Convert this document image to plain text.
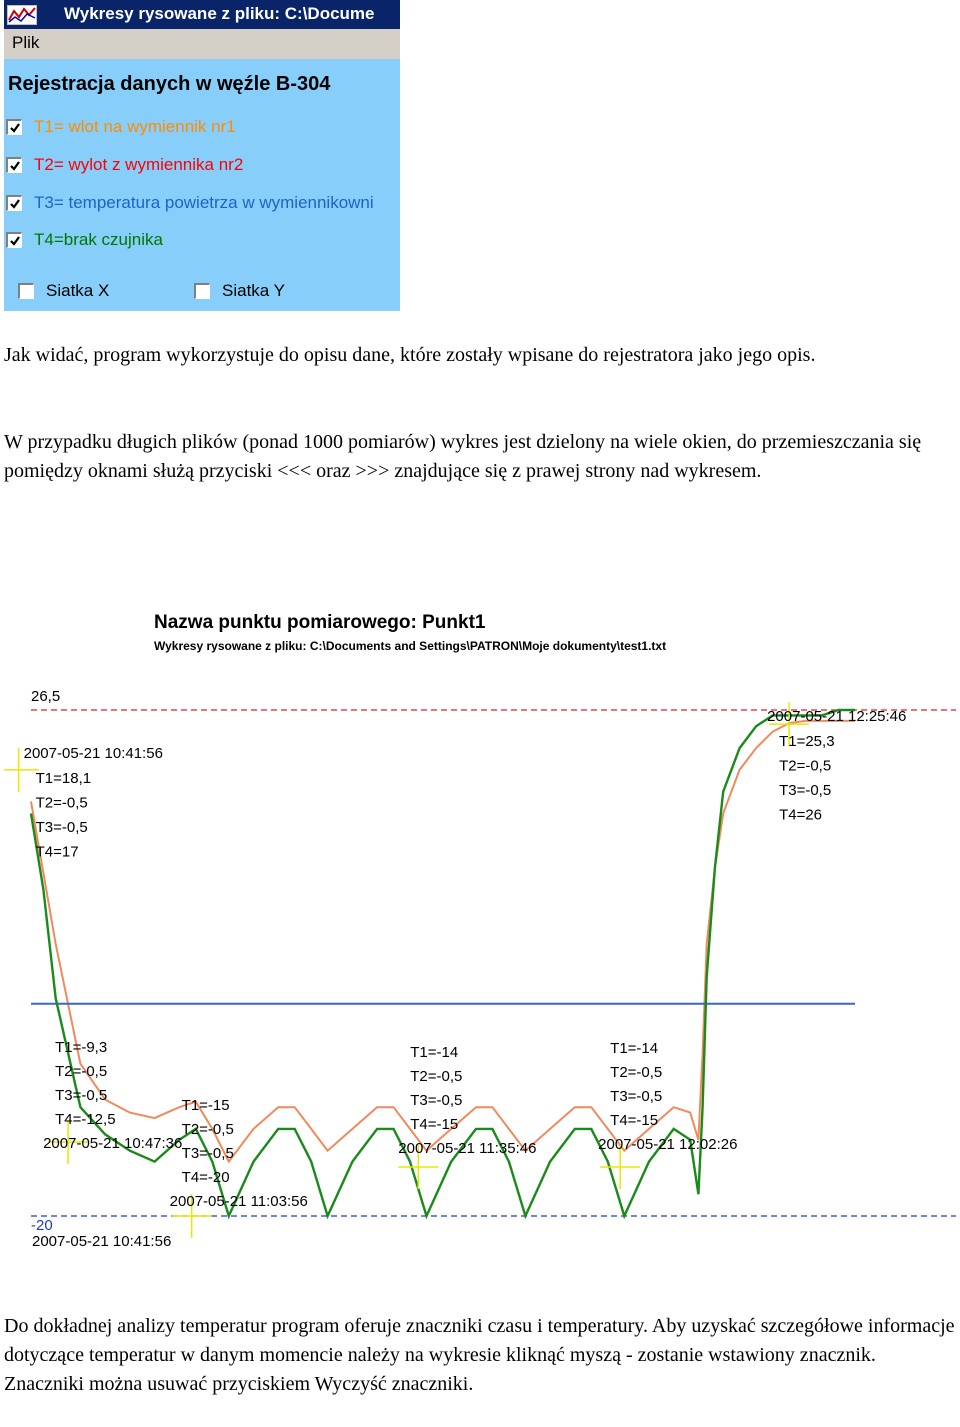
Wykresy rysowane z pliku: C:\Docume
Plik
Rejestracja danych w węźle B-304
T1= wlot na wymiennik nr1
T2= wylot z wymiennika nr2
T3= temperatura powietrza w wymiennikowni
T4=brak czujnika
Siatka X	Siatka Y

Jak widać, program wykorzystuje do opisu dane, które zostały wpisane do rejestratora jako jego opis.

W przypadku długich plików (ponad 1000 pomiarów) wykres jest dzielony na wiele okien, do przemieszczania się pomiędzy oknami służą przyciski <<< oraz >>> znajdujące się z prawej strony nad wykresem.

Nazwa punktu pomiarowego: Punkt1
Wykresy rysowane z pliku: C:\Documents and Settings\PATRON\Moje dokumenty\test1.txt
26,5
-20
2007-05-21 10:41:56
2007-05-21 10:41:56
T1=18,1
T2=-0,5
T3=-0,5
T4=17
2007-05-21 10:47:36
T1=-9,3
T2=-0,5
T3=-0,5
T4=-12,5
2007-05-21 11:03:56
T1=-15
T2=-0,5
T3=-0,5
T4=-20
2007-05-21 11:35:46
T1=-14
T2=-0,5
T3=-0,5
T4=-15
2007-05-21 12:02:26
T1=-14
T2=-0,5
T3=-0,5
T4=-15
2007-05-21 12:25:46
T1=25,3
T2=-0,5
T3=-0,5
T4=26

Do dokładnej analizy temperatur program oferuje znaczniki czasu i temperatury. Aby uzyskać szczegółowe informacje dotyczące temperatur w danym momencie należy na wykresie kliknąć myszą - zostanie wstawiony znacznik. Znaczniki można usuwać przyciskiem Wyczyść znaczniki.
